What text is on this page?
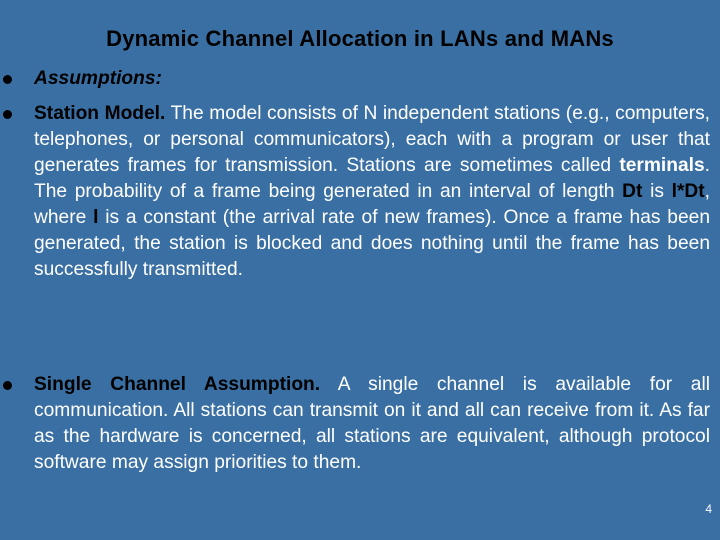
Dynamic Channel Allocation in LANs and MANs
Assumptions:
Station Model. The model consists of N independent stations (e.g., computers, telephones, or personal communicators), each with a program or user that generates frames for transmission. Stations are sometimes called terminals. The probability of a frame being generated in an interval of length Dt is l*Dt, where l is a constant (the arrival rate of new frames). Once a frame has been generated, the station is blocked and does nothing until the frame has been successfully transmitted.
Single Channel Assumption. A single channel is available for all communication. All stations can transmit on it and all can receive from it. As far as the hardware is concerned, all stations are equivalent, although protocol software may assign priorities to them.
4
